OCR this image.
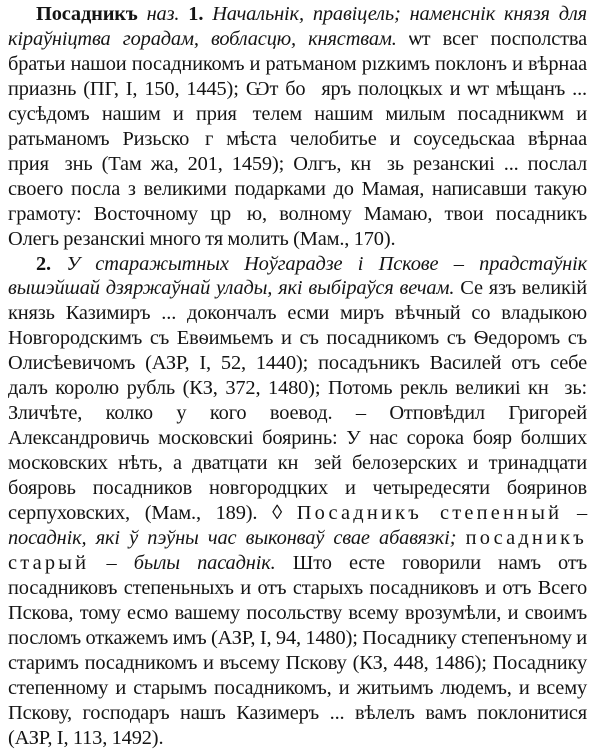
Посадникъ наз. 1. Начальнік, правіцель; наменснік князя для кіраўніцтва горадам, вобласцю, княствам. ѡт всег посполства братьи нашои посадникомъ и ратьманом рızкимъ поклонъ и вѣрнаа приазнь (ПГ, І, 150, 1445); Ѡт бо꙯яръ полоцкых и ѡт мѣщанъ ... сусѣдомъ нашим и прия꙯телем нашим милым посадникѡм и ратьманомъ Ризьско꙯г мѣста челобитье и соуседьскаа вѣрнаа прия꙯знь (Там жа, 201, 1459); Олгъ, кн꙯зь резанскиі ... послал своего посла з великими подарками до Мамая, написавши такую грамоту: Восточному цр꙯ю, волному Мамаю, твои посадникъ Олегь резанскиі много тя молить (Мам., 170).

2. У старажытных Ноўгарадзе і Пскове – прадстаўнік вышэйшай дзяржаўнай улады, які выбіраўся вечам. Се язъ великій князь Казимиръ ... докончалъ есми миръ вѣчный со владыкою Новгородскимъ съ Евѳимьемъ и съ посадникомъ съ Ѳедоромъ съ Олисѣевичомъ (АЗР, І, 52, 1440); посадъникъ Василей отъ себе далъ королю рубль (КЗ, 372, 1480); Потомь рекль великиі кн꙯зь: Зличѣте, колко у кого воевод. – Отповѣдил Григорей Александровичь московскиі бояринь: У нас сорока бояр болших московских нѣть, а дватцати кн꙯зей белозерских и тринадцати бояровь посадников новгородцких и четыредесяти бояринов серпуховских, (Мам., 189). ◊ Посадникъ степенный – посаднік, які ў пэўны час выконваў свае абавязкі; посадникъ старый – былы пасаднік. Што есте говорили намъ отъ посадниковъ степеньныхъ и отъ старыхъ посадниковъ и отъ Всего Пскова, тому есмо вашему посольству всему врозумѣли, и своимъ посломъ откажемъ имъ (АЗР, І, 94, 1480); Посаднику степенъному и старимъ посадникомъ и въсему Пскову (КЗ, 448, 1486); Посаднику степенному и старымъ посадникомъ, и житьимъ людемъ, и всему Пскову, господаръ нашъ Казимеръ ... вѣлелъ вамъ поклонитися (АЗР, І, 113, 1492).
